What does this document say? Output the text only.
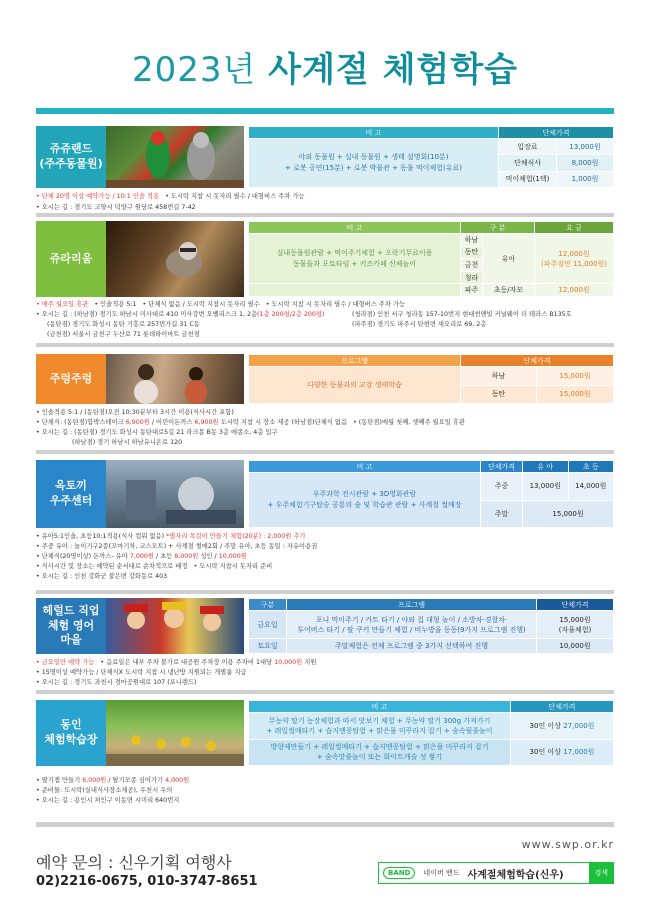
2023년 사계절 체험학습
쥬쥬랜드
(주주동물원)
비 고	단체가격	
야외 동물원 + 실내 동물원 + 생태 설명회(10분)
+ 로봇 공연(15분) + 로봇 박물관 + 동물 먹이체험(유료)	입장료	13,000원
	단체식사	8,000원
	먹이체험(1택)	1,000원
• 단체 20명 이상 예약가능 / 10:1 인솔 적용 • 도시락 지참 시 돗자리 필수 / 대형버스 주차 가능
• 오시는 길 : 경기도 고양시 덕양구 원당로 458번길 7-42
쥬라리움
비 고	구 분		요 금
실내동물원관람 + 먹이주기체험 + 오락기무료이용
동물들과 포토타임 + 키즈카페 신체놀이	하남	유아	12,000원
(파주점만 11,000원)
	동탄		
	금천		
	청라		
	파주	초등/자모	12,000원
• 매주 월요일 휴관 • 인솔적용 5:1 • 단체식 없음 / 도시락 지참시 돗자리 필수 • 도시락 지참 시 돗자리 필수 / 대형버스 주차 가능
• 오시는 길 : (하남점) 경기도 하남시 미사대로 410 미사강변 오벨리스크 1, 2층(1층 200평/2층 200평)	(청라점) 인천 서구 청라동 157-10번지 현대썬앤빌 커널웨이 더 테라스 B135호
(동탄점) 경기도 화성시 동탄 기흥로 257번가길 31 C동	(파주점) 경기도 파주시 탄현면 새오리로 69, 2층
(금천점) 서울시 금천구 두산로 71 롯데하이마트 금천점
주렁주렁
프로그램	단체가격	
다양한 동물과의 교감 생태학습	하남	15,000원
	동탄	15,000원
• 인솔적용 5:1 / (동탄점)오전 10:30분부터 3시간 이용(식사시간 포함)
• 단체식: (동탄점)함박스테이크 6,900원 / 어린이돈까스 6,900원 도시락 지참 시 장소 제공 (하남점)단체식 없음 • (동탄점)매월 첫째, 셋째주 월요일 휴관
• 오시는 길 : (동탄점) 경기도 화성시 동탄대로5길 21 라크몽 B동 3층 메종소, 4층 입구
(하남점) 경기 하남시 하남유니온로 120
옥토끼
우주센터
비 고	단체가격	유 아	초 등
우주과학 전시관람 + 3D영화관람
+ 우주체험기구탑승 공룡의 숲 및 학습관 관람 + 사계절 썰매장	주중	13,000원	14,000원
	주말	15,000원	
• 유아5:1인솔, 초등10:1적용(식사 컵뭐 없음) *별자리 목걸이 만들기 체험(20분) : 2,000원 추가
• 주중 유아 : 놀이기구2종(꼬마기차, 코스모트) + 사계절 썰매2회 / 주말 유아, 초등 동일 : 자유이용권
• 단체식(20명이상) 돈까스- 유아 7,000원 / 초등 8,000원 성인 / 10,000원
• 식사시간 및 장소는 예약된 순서대로 순차적으로 배정 • 도시락 지참시 돗자리 준비
• 오시는 길 : 인천 강화군 불은면 강화동로 403
헤럴드 직업
체험 영어
마을
구분	프로그램	단체가격
금요일	포니 먹이주기 / 카트 타기 / 야외 집 대형 놀이 / 소방차·경찰차·
투어버스 타기 / 팔 쿠키 만들기 체험 / 비누방울 동동(9가지 프로그램 진행)	15,000원
(자율체험)
토요일	주말체험은 전체 프로그램 중 3가지 선택하여 진행	10,000원
• 금요일만 예약 가능 • 음료일은 내부 주차 불가로 대공원 주차장 이용 주차비 1대당 10,000원 지원
• 15명이상 예약가능 / 단체식X 도시락 지참 시 냉난방 지원되는 개별룸 지급
• 오시는 길 : 경기도 과천시 경마공원대로 107 (포니랜드)
동인
체험학습장
비 고	단체가격
무농약 딸기 농장체험과 따서 맛보기 체험 + 무농약 딸기 300g 가져가기
+ 레일썰매타기 + 습지맨꽁탐험 + 맑은물 미꾸라지 잡기 + 숲속뒷줄놀이	30인 이상 27,000원
방향제만들기 + 레일썰매타기 + 습지맨꽁탐험 + 맑은물 미꾸라지 잡기
+ 숲속맛줄놀이 또는 화이트캐슬 성 쌓기	30인 이상 17,000원
• 딸기잼 만들기 6,000원 / 딸기모종 심어가기 4,000원
• 준비물: 도시락(실내식사장소제공), 우천시 우의
• 오시는 길 : 용인시 처인구 이동면 시미리 640번지
예약 문의 : 신우기획 여행사
02)2216-0675, 010-3747-8651
www.swp.or.kr
BAND	네이버 밴드 사계절체험학습(신우)	검색
